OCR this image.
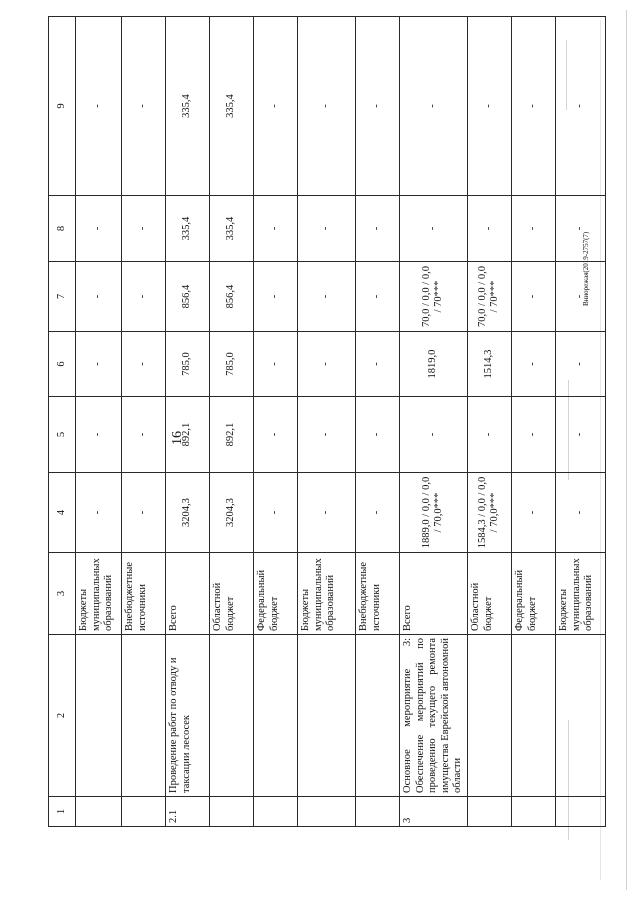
16
Вниорежая(2019-2757(7)
1	2	3	4	5	6	7	8	9
		Бюджеты муниципальных образований	-	-	-	-	-	-
		Внебюджетные источники	-	-	-	-	-	-
2.1	Проведение работ по отводу и таксации лесосек	Всего	3204,3	892,1	785,0	856,4	335,4	335,4
		Областной бюджет	3204,3	892,1	785,0	856,4	335,4	335,4
		Федеральный бюджет	-	-	-	-	-	-
		Бюджеты муниципальных образований	-	-	-	-	-	-
		Внебюджетные источники	-	-	-	-	-	-
3	Основное мероприятие 3: Обеспечение мероприятий по проведению текущего ремонта имущества Еврейской автономной области	Всего	1889,0 / 0,0 / 0,0 / 70,0***	-	1819,0	70,0 / 0,0 / 0,0 / 70***	-	-
		Областной бюджет	1584,3 / 0,0 / 0,0 / 70,0***	-	1514,3	70,0 / 0,0 / 0,0 / 70***	-	-
		Федеральный бюджет	-	-	-	-	-	-
		Бюджеты муниципальных образований	-	-	-	-	-	-
